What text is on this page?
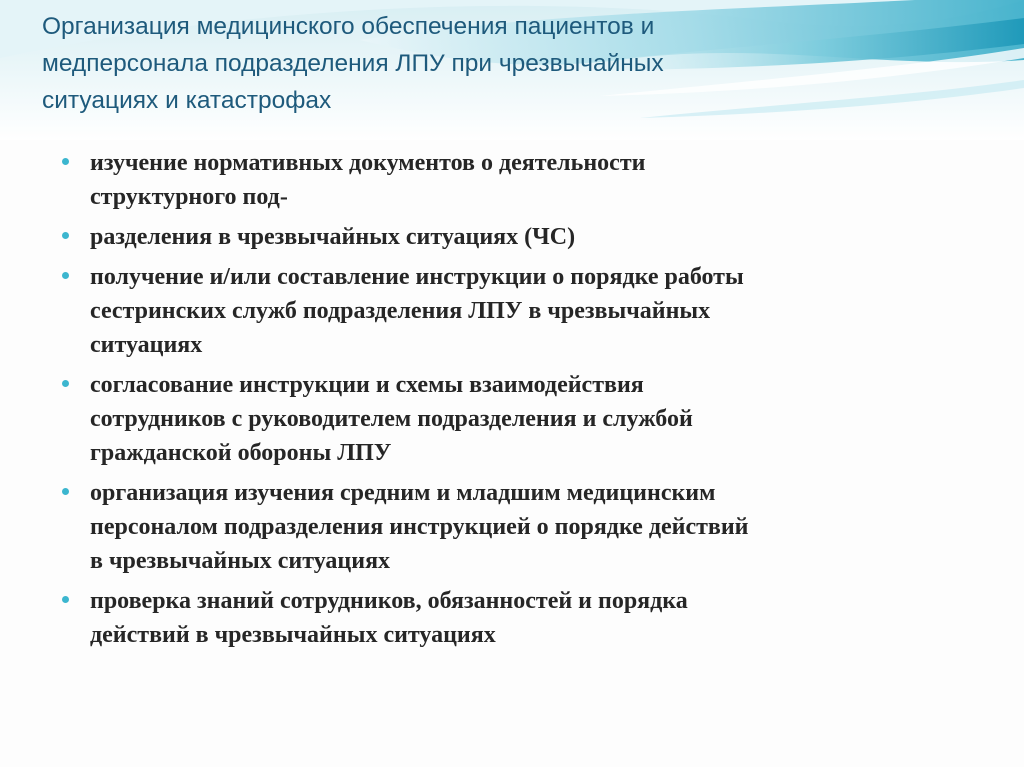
Организация медицинского обеспечения пациентов и
медперсонала подразделения ЛПУ при чрезвычайных
ситуациях и катастрофах
изучение нормативных документов о деятельности
структурного под-
разделения в чрезвычайных ситуациях (ЧС)
получение и/или составление инструкции о порядке работы
сестринских служб подразделения ЛПУ в чрезвычайных
ситуациях
согласование инструкции и схемы взаимодействия
сотрудников с руководителем подразделения и службой
гражданской обороны ЛПУ
организация изучения средним и младшим медицинским
персоналом подразделения инструкцией о порядке действий
в чрезвычайных ситуациях
проверка знаний сотрудников, обязанностей и порядка
действий в чрезвычайных ситуациях
